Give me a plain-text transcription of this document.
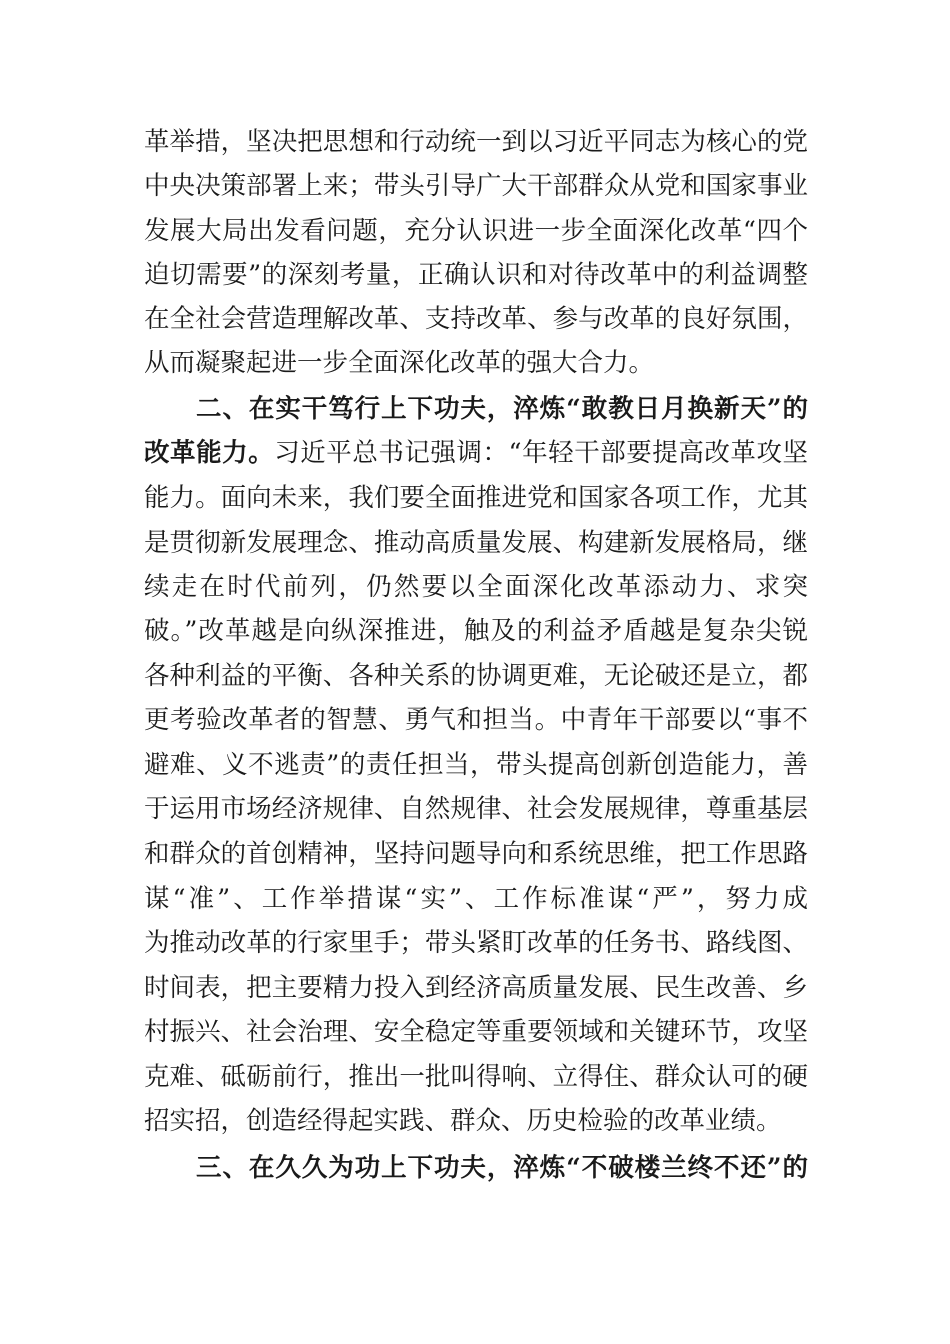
革举措，坚决把思想和行动统一到以习近平同志为核心的党
中央决策部署上来；带头引导广大干部群众从党和国家事业
发展大局出发看问题，充分认识进一步全面深化改革“四个
迫切需要”的深刻考量，正确认识和对待改革中的利益调整
在全社会营造理解改革、支持改革、参与改革的良好氛围，
从而凝聚起进一步全面深化改革的强大合力。
二、在实干笃行上下功夫，淬炼“敢教日月换新天”的
改革能力。习近平总书记强调：“年轻干部要提高改革攻坚
能力。面向未来，我们要全面推进党和国家各项工作，尤其
是贯彻新发展理念、推动高质量发展、构建新发展格局，继
续走在时代前列，仍然要以全面深化改革添动力、求突
破。”改革越是向纵深推进，触及的利益矛盾越是复杂尖锐
各种利益的平衡、各种关系的协调更难，无论破还是立，都
更考验改革者的智慧、勇气和担当。中青年干部要以“事不
避难、义不逃责”的责任担当，带头提高创新创造能力，善
于运用市场经济规律、自然规律、社会发展规律，尊重基层
和群众的首创精神，坚持问题导向和系统思维，把工作思路
谋“准”、工作举措谋“实”、工作标准谋“严”，努力成
为推动改革的行家里手；带头紧盯改革的任务书、路线图、
时间表，把主要精力投入到经济高质量发展、民生改善、乡
村振兴、社会治理、安全稳定等重要领域和关键环节，攻坚
克难、砥砺前行，推出一批叫得响、立得住、群众认可的硬
招实招，创造经得起实践、群众、历史检验的改革业绩。
三、在久久为功上下功夫，淬炼“不破楼兰终不还”的
